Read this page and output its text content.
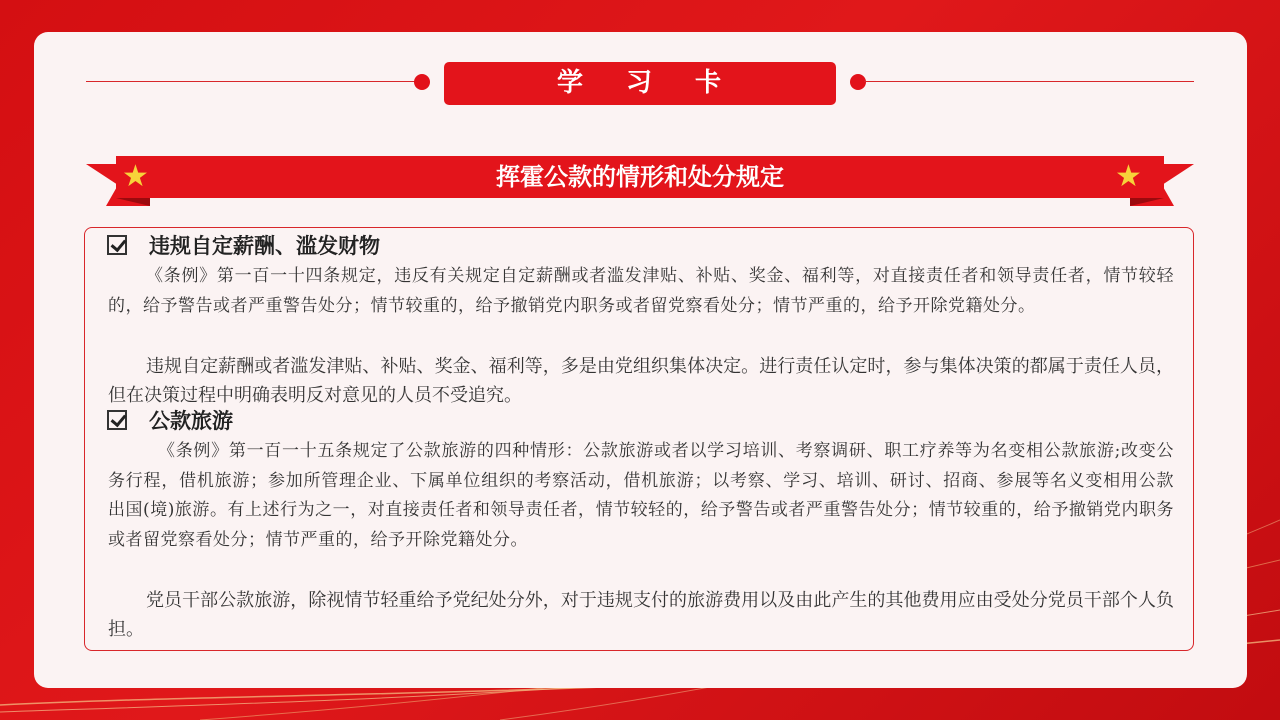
学 习 卡
挥霍公款的情形和处分规定
★	★
违规自定薪酬、滥发财物
《条例》第一百一十四条规定，违反有关规定自定薪酬或者滥发津贴、补贴、奖金、福利等，对直接责任者和领导责任者，情节较轻的，给予警告或者严重警告处分；情节较重的，给予撤销党内职务或者留党察看处分；情节严重的，给予开除党籍处分。
违规自定薪酬或者滥发津贴、补贴、奖金、福利等，多是由党组织集体决定。进行责任认定时，参与集体决策的都属于责任人员，但在决策过程中明确表明反对意见的人员不受追究。
公款旅游
《条例》第一百一十五条规定了公款旅游的四种情形：公款旅游或者以学习培训、考察调研、职工疗养等为名变相公款旅游;改变公务行程，借机旅游；参加所管理企业、下属单位组织的考察活动，借机旅游；以考察、学习、培训、研讨、招商、参展等名义变相用公款出国(境)旅游。有上述行为之一，对直接责任者和领导责任者，情节较轻的，给予警告或者严重警告处分；情节较重的，给予撤销党内职务或者留党察看处分；情节严重的，给予开除党籍处分。
党员干部公款旅游，除视情节轻重给予党纪处分外，对于违规支付的旅游费用以及由此产生的其他费用应由受处分党员干部个人负担。
